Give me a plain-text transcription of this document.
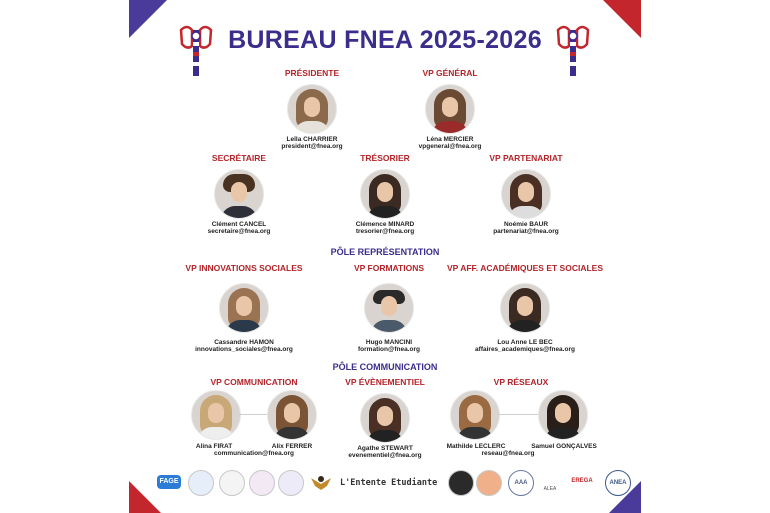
BUREAU FNEA 2025-2026
PRÉSIDENTE
Leïla CHARRIER
president@fnea.org
VP GÉNÉRAL
Léna MERCIER
vpgeneral@fnea.org
SECRÉTAIRE
Clément CANCEL
secretaire@fnea.org
TRÉSORIER
Clémence MINARD
tresorier@fnea.org
VP PARTENARIAT
Noémie BAUR
partenariat@fnea.org
PÔLE REPRÉSENTATION
VP INNOVATIONS SOCIALES
Cassandre HAMON
innovations_sociales@fnea.org
VP FORMATIONS
Hugo MANCINI
formation@fnea.org
VP AFF. ACADÉMIQUES ET SOCIALES
Lou Anne LE BEC
affaires_academiques@fnea.org
PÔLE COMMUNICATION
VP COMMUNICATION
Alina FIRAT	Alix FERRER
communication@fnea.org
VP ÉVÈNEMENTIEL
Agathe STEWART
evenementiel@fnea.org
VP RÉSEAUX
Mathilde LECLERC	Samuel GONÇALVES
reseau@fnea.org
FAGE	L'Entente Etudiante	AAA
ALEA
EREGA	ANEA
